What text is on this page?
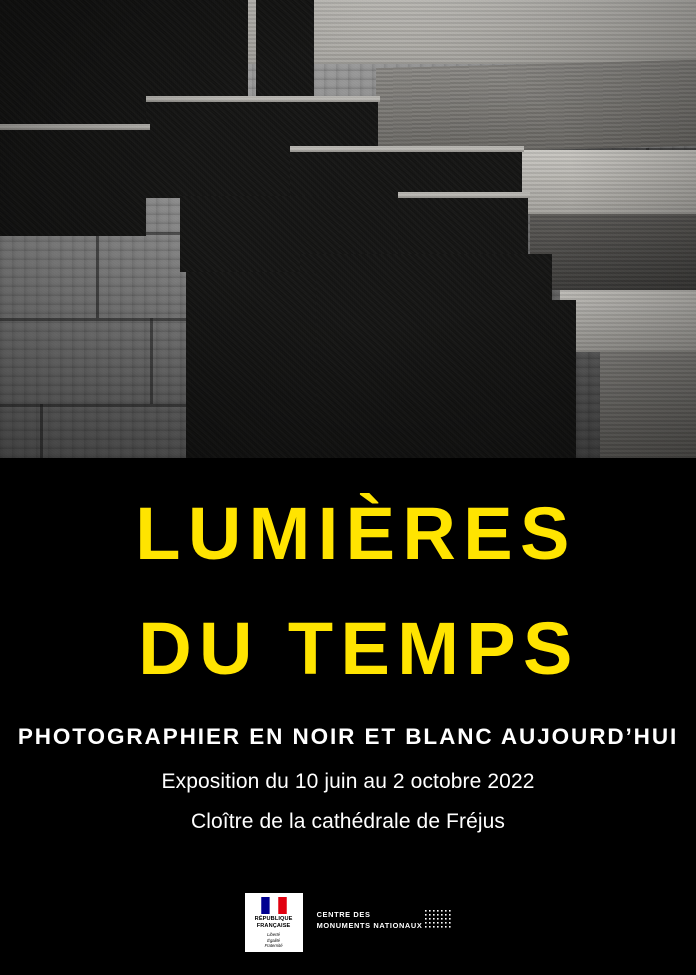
LUMIÈRES
DU TEMPS
PHOTOGRAPHIER EN NOIR ET BLANC AUJOURD’HUI
Exposition du 10 juin au 2 octobre 2022
Cloître de la cathédrale de Fréjus
RÉPUBLIQUE
FRANÇAISE
Liberté
Égalité
Fraternité
CENTRE DES
MONUMENTS NATIONAUX
